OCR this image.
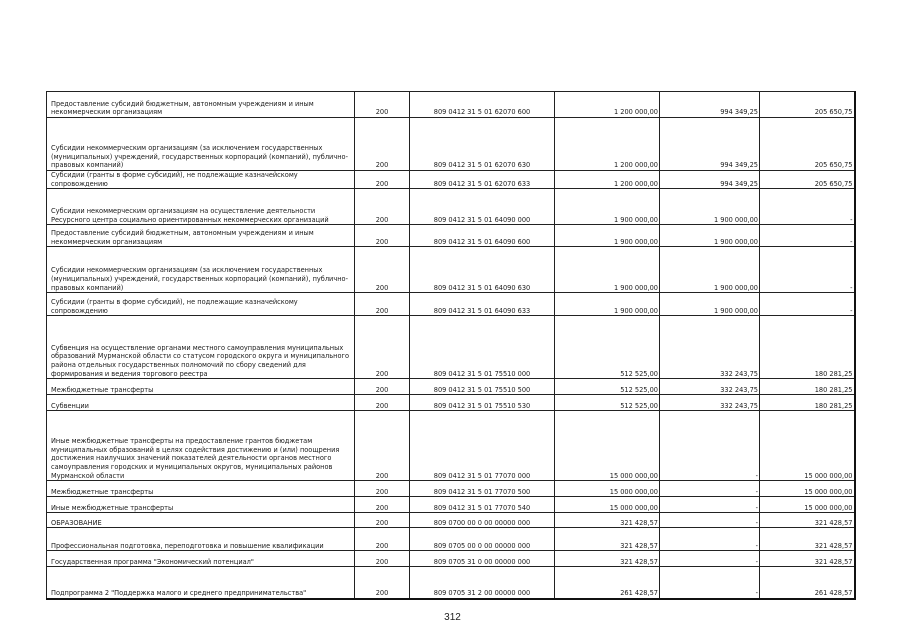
Предоставление субсидий бюджетным, автономным учреждениям и иным некоммерческим организациям	200	809 0412 31 5 01 62070 600	1 200 000,00	994 349,25	205 650,75
Субсидии некоммерческим организациям (за исключением государственных (муниципальных) учреждений, государственных корпораций (компаний), публично-правовых компаний)	200	809 0412 31 5 01 62070 630	1 200 000,00	994 349,25	205 650,75
Субсидии (гранты в форме субсидий), не подлежащие казначейскому сопровождению	200	809 0412 31 5 01 62070 633	1 200 000,00	994 349,25	205 650,75
Субсидии некоммерческим организациям на осуществление деятельности Ресурсного центра социально ориентированных некоммерческих организаций	200	809 0412 31 5 01 64090 000	1 900 000,00	1 900 000,00	-
Предоставление субсидий бюджетным, автономным учреждениям и иным некоммерческим организациям	200	809 0412 31 5 01 64090 600	1 900 000,00	1 900 000,00	-
Субсидии некоммерческим организациям (за исключением государственных (муниципальных) учреждений, государственных корпораций (компаний), публично-правовых компаний)	200	809 0412 31 5 01 64090 630	1 900 000,00	1 900 000,00	-
Субсидии (гранты в форме субсидий), не подлежащие казначейскому сопровождению	200	809 0412 31 5 01 64090 633	1 900 000,00	1 900 000,00	-
Субвенция на осуществление органами местного самоуправления муниципальных образований Мурманской области со статусом городского округа и муниципального района отдельных государственных полномочий по сбору сведений для формирования и ведения торгового реестра	200	809 0412 31 5 01 75510 000	512 525,00	332 243,75	180 281,25
Межбюджетные трансферты	200	809 0412 31 5 01 75510 500	512 525,00	332 243,75	180 281,25
Субвенции	200	809 0412 31 5 01 75510 530	512 525,00	332 243,75	180 281,25
Иные межбюджетные трансферты на предоставление грантов бюджетам муниципальных образований в целях содействия достижению и (или) поощрения достижения наилучших значений показателей деятельности органов местного самоуправления городских и муниципальных округов, муниципальных районов Мурманской области	200	809 0412 31 5 01 77070 000	15 000 000,00	-	15 000 000,00
Межбюджетные трансферты	200	809 0412 31 5 01 77070 500	15 000 000,00	-	15 000 000,00
Иные межбюджетные трансферты	200	809 0412 31 5 01 77070 540	15 000 000,00	-	15 000 000,00
ОБРАЗОВАНИЕ	200	809 0700 00 0 00 00000 000	321 428,57	-	321 428,57
Профессиональная подготовка, переподготовка и повышение квалификации	200	809 0705 00 0 00 00000 000	321 428,57	-	321 428,57
Государственная программа "Экономический потенциал"	200	809 0705 31 0 00 00000 000	321 428,57	-	321 428,57
Подпрограмма 2 "Поддержка малого и среднего предпринимательства"	200	809 0705 31 2 00 00000 000	261 428,57	-	261 428,57
312
